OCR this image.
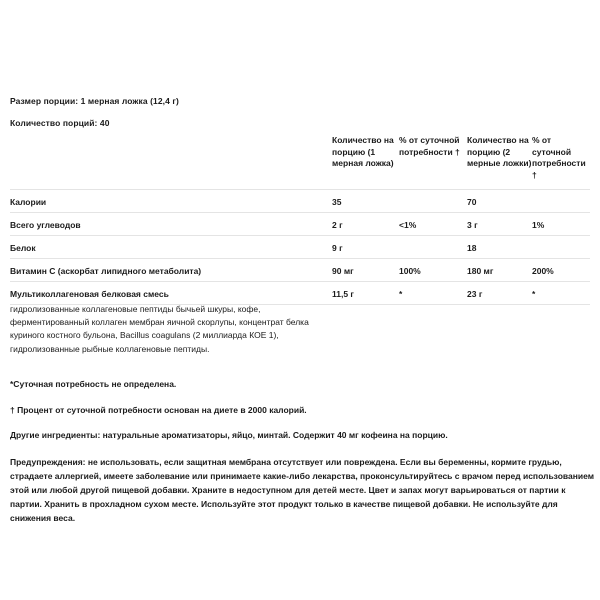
Размер порции: 1 мерная ложка (12,4 г)
Количество порций: 40
	Количество на порцию (1 мерная ложка)	% от суточной потребности †	Количество на порцию (2 мерные ложки)	% от суточной потребности †
Калории	35		70	
Всего углеводов	2 г	<1%	3 г	1%
Белок	9 г		18	
Витамин С (аскорбат липидного метаболита)	90 мг	100%	180 мг	200%
Мультиколлагеновая белковая смесь	11,5 г	*	23 г	*
гидролизованные коллагеновые пептиды бычьей шкуры, кофе, ферментированный коллаген мембран яичной скорлупы, концентрат белка куриного костного бульона, Bacillus coagulans (2 миллиарда КОЕ 1), гидролизованные рыбные коллагеновые пептиды.
*Суточная потребность не определена.
† Процент от суточной потребности основан на диете в 2000 калорий.
Другие ингредиенты: натуральные ароматизаторы, яйцо, минтай. Содержит 40 мг кофеина на порцию.
Предупреждения: не использовать, если защитная мембрана отсутствует или повреждена. Если вы беременны, кормите грудью, страдаете аллергией, имеете заболевание или принимаете какие-либо лекарства, проконсультируйтесь с врачом перед использованием этой или любой другой пищевой добавки. Храните в недоступном для детей месте. Цвет и запах могут варьироваться от партии к партии. Хранить в прохладном сухом месте. Используйте этот продукт только в качестве пищевой добавки. Не используйте для снижения веса.
